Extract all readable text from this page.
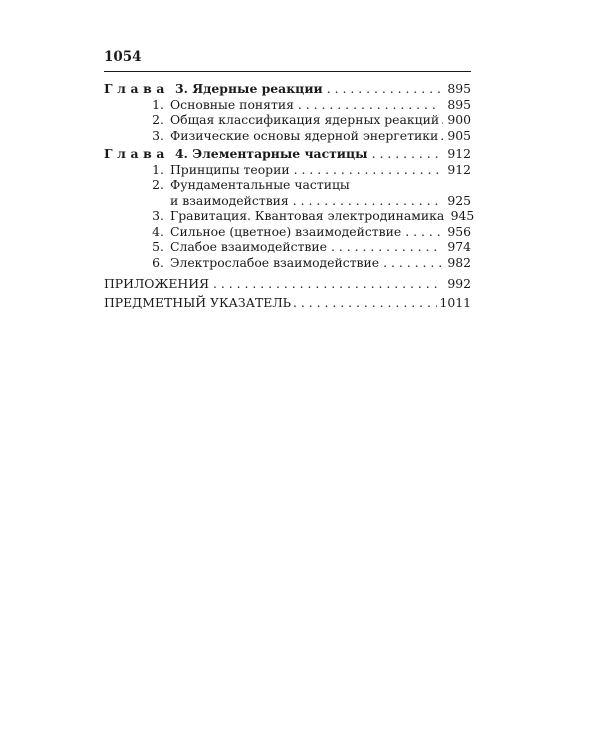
1054
Глава 3. Ядерные реакции . . .	895
1. Основные понятия . . .	895
2. Общая классификация ядерных реакций . . . 900
3. Физические основы ядерной энергетики . . . 905
Глава 4. Элементарные частицы . . .	912
1. Принципы теории . . .	912
2. Фундаментальные частицы
и взаимодействия . . .	925
3. Гравитация. Квантовая электродинамика 945
4. Сильное (цветное) взаимодействие . . .	956
5. Слабое взаимодействие . . .	974
6. Электрослабое взаимодействие . . .	982
ПРИЛОЖЕНИЯ . . .	992
ПРЕДМЕТНЫЙ УКАЗАТЕЛЬ . . .	1011
